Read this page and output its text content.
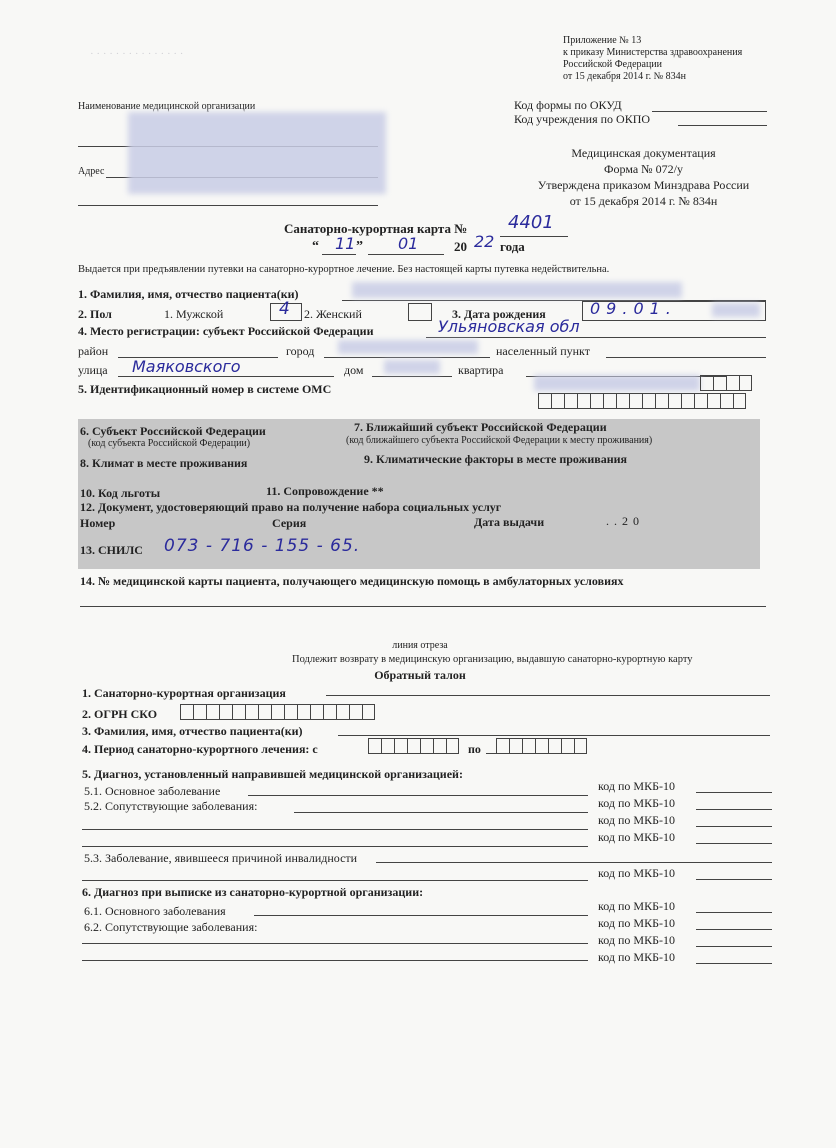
· · · · · · · · · · · · · · ·
Приложение № 13
к приказу Министерства здравоохранения
Российской Федерации
от 15 декабря 2014 г. № 834н
Код формы по ОКУД
Код учреждения по ОКПО
Наименование медицинской организации
Адрес
Медицинская документация
Форма № 072/у
Утверждена приказом Минздрава России
от 15 декабря 2014 г. № 834н
Санаторно-курортная карта № 4401
“ 11 ” 01	20 22 года
Выдается при предъявлении путевки на санаторно-курортное лечение. Без настоящей карты путевка недействительна.
1. Фамилия, имя, отчество пациента(ки)
2. Пол	1. Мужской	4 2. Женский	3. Дата рождения	09.01.
4. Место регистрации: субъект Российской Федерации	Ульяновская обл
район	город	населенный пункт
улица Маяковского	дом	квартира
5. Идентификационный номер в системе ОМС
6. Субъект Российской Федерации
(код субъекта Российской Федерации)
7. Ближайший субъект Российской Федерации
(код ближайшего субъекта Российской Федерации к месту проживания)
8. Климат в месте проживания	9. Климатические факторы в месте проживания
10. Код льготы	11. Сопровождение **
12. Документ, удостоверяющий право на получение набора социальных услуг
Номер	Серия	Дата выдачи	. . 2 0
13. СНИЛС 073 - 716 - 155 - 65.
14. № медицинской карты пациента, получающего медицинскую помощь в амбулаторных условиях
линия отреза
Подлежит возврату в медицинскую организацию, выдавшую санаторно-курортную карту
Обратный талон
1. Санаторно-курортная организация
2. ОГРН СКО
3. Фамилия, имя, отчество пациента(ки)
4. Период санаторно-курортного лечения: с	по
5. Диагноз, установленный направившей медицинской организацией:
5.1. Основное заболевание	код по МКБ-10
5.2. Сопутствующие заболевания:	код по МКБ-10
код по МКБ-10
код по МКБ-10
5.3. Заболевание, явившееся причиной инвалидности
код по МКБ-10
6. Диагноз при выписке из санаторно-курортной организации:
6.1. Основного заболевания	код по МКБ-10
6.2. Сопутствующие заболевания:	код по МКБ-10
код по МКБ-10
код по МКБ-10
